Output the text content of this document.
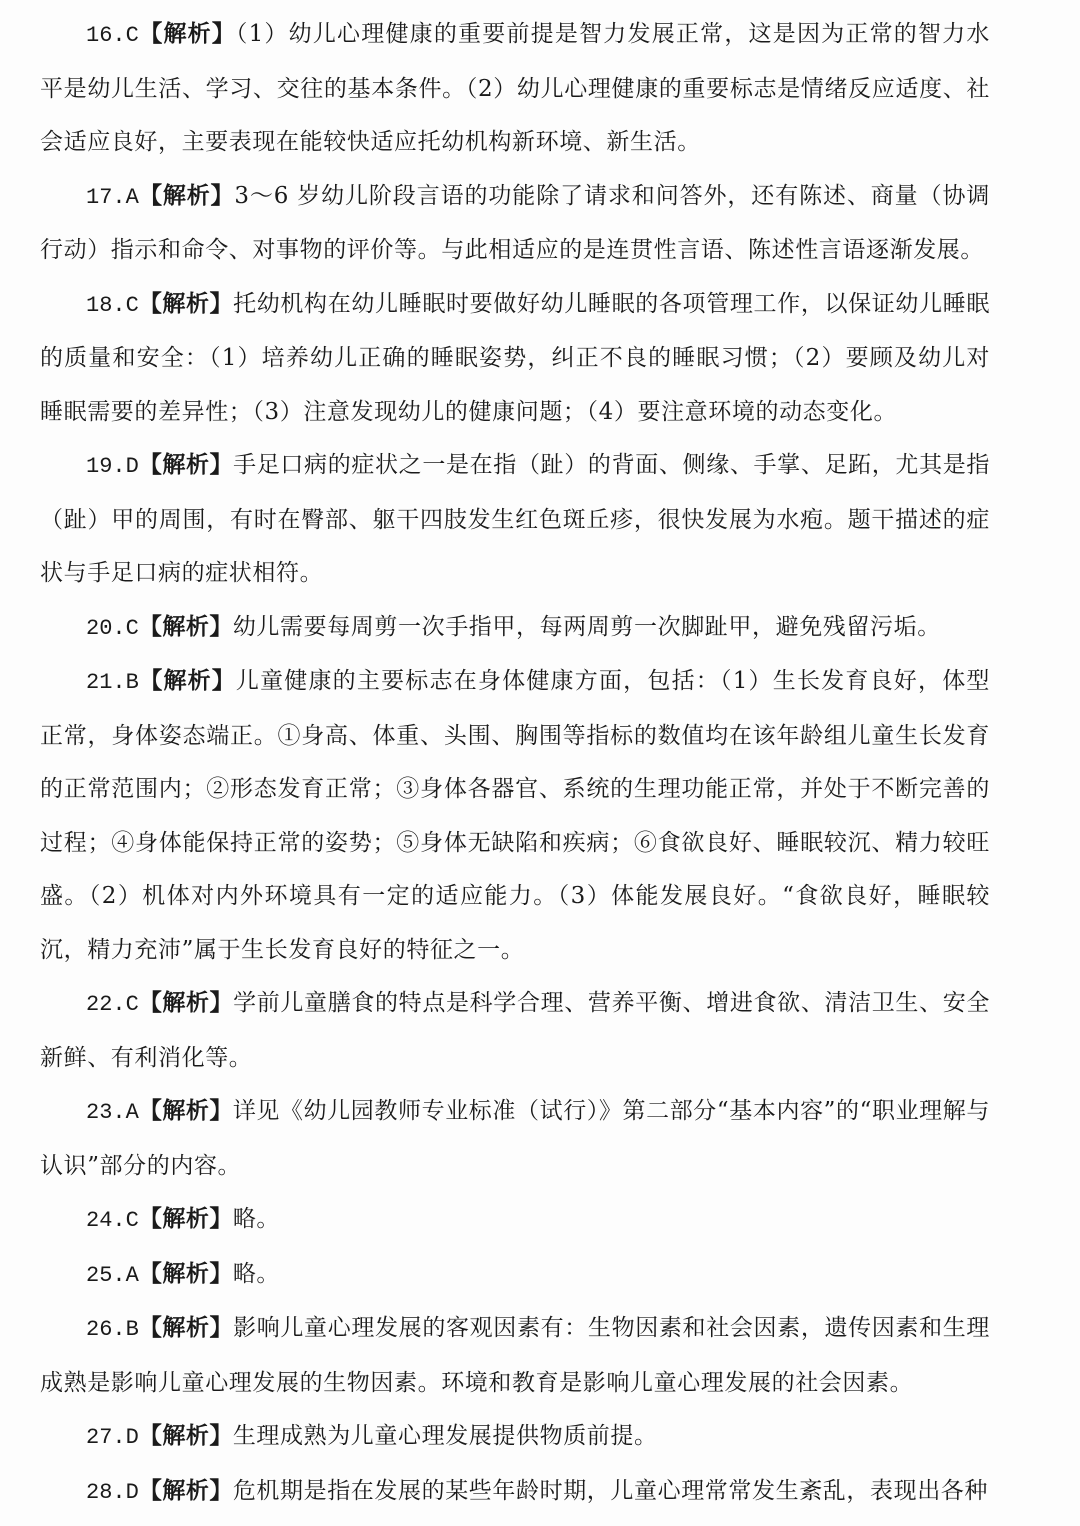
16.C【解析】（1）幼儿心理健康的重要前提是智力发展正常，这是因为正常的智力水平是幼儿生活、学习、交往的基本条件。（2）幼儿心理健康的重要标志是情绪反应适度、社会适应良好，主要表现在能较快适应托幼机构新环境、新生活。

17.A【解析】3～6 岁幼儿阶段言语的功能除了请求和问答外，还有陈述、商量（协调行动）指示和命令、对事物的评价等。与此相适应的是连贯性言语、陈述性言语逐渐发展。

18.C【解析】托幼机构在幼儿睡眠时要做好幼儿睡眠的各项管理工作，以保证幼儿睡眠的质量和安全：（1）培养幼儿正确的睡眠姿势，纠正不良的睡眠习惯；（2）要顾及幼儿对睡眠需要的差异性；（3）注意发现幼儿的健康问题；（4）要注意环境的动态变化。

19.D【解析】手足口病的症状之一是在指（趾）的背面、侧缘、手掌、足跖，尤其是指（趾）甲的周围，有时在臀部、躯干四肢发生红色斑丘疹，很快发展为水疱。题干描述的症状与手足口病的症状相符。

20.C【解析】幼儿需要每周剪一次手指甲，每两周剪一次脚趾甲，避免残留污垢。

21.B【解析】儿童健康的主要标志在身体健康方面，包括：（1）生长发育良好，体型正常，身体姿态端正。①身高、体重、头围、胸围等指标的数值均在该年龄组儿童生长发育的正常范围内；②形态发育正常；③身体各器官、系统的生理功能正常，并处于不断完善的过程；④身体能保持正常的姿势；⑤身体无缺陷和疾病；⑥食欲良好、睡眠较沉、精力较旺盛。（2）机体对内外环境具有一定的适应能力。（3）体能发展良好。“食欲良好，睡眠较沉，精力充沛”属于生长发育良好的特征之一。

22.C【解析】学前儿童膳食的特点是科学合理、营养平衡、增进食欲、清洁卫生、安全新鲜、有利消化等。

23.A【解析】详见《幼儿园教师专业标准（试行）》第二部分“基本内容”的“职业理解与认识”部分的内容。

24.C【解析】略。

25.A【解析】略。

26.B【解析】影响儿童心理发展的客观因素有：生物因素和社会因素，遗传因素和生理成熟是影响儿童心理发展的生物因素。环境和教育是影响儿童心理发展的社会因素。

27.D【解析】生理成熟为儿童心理发展提供物质前提。

28.D【解析】危机期是指在发展的某些年龄时期，儿童心理常常发生紊乱，表现出各种
